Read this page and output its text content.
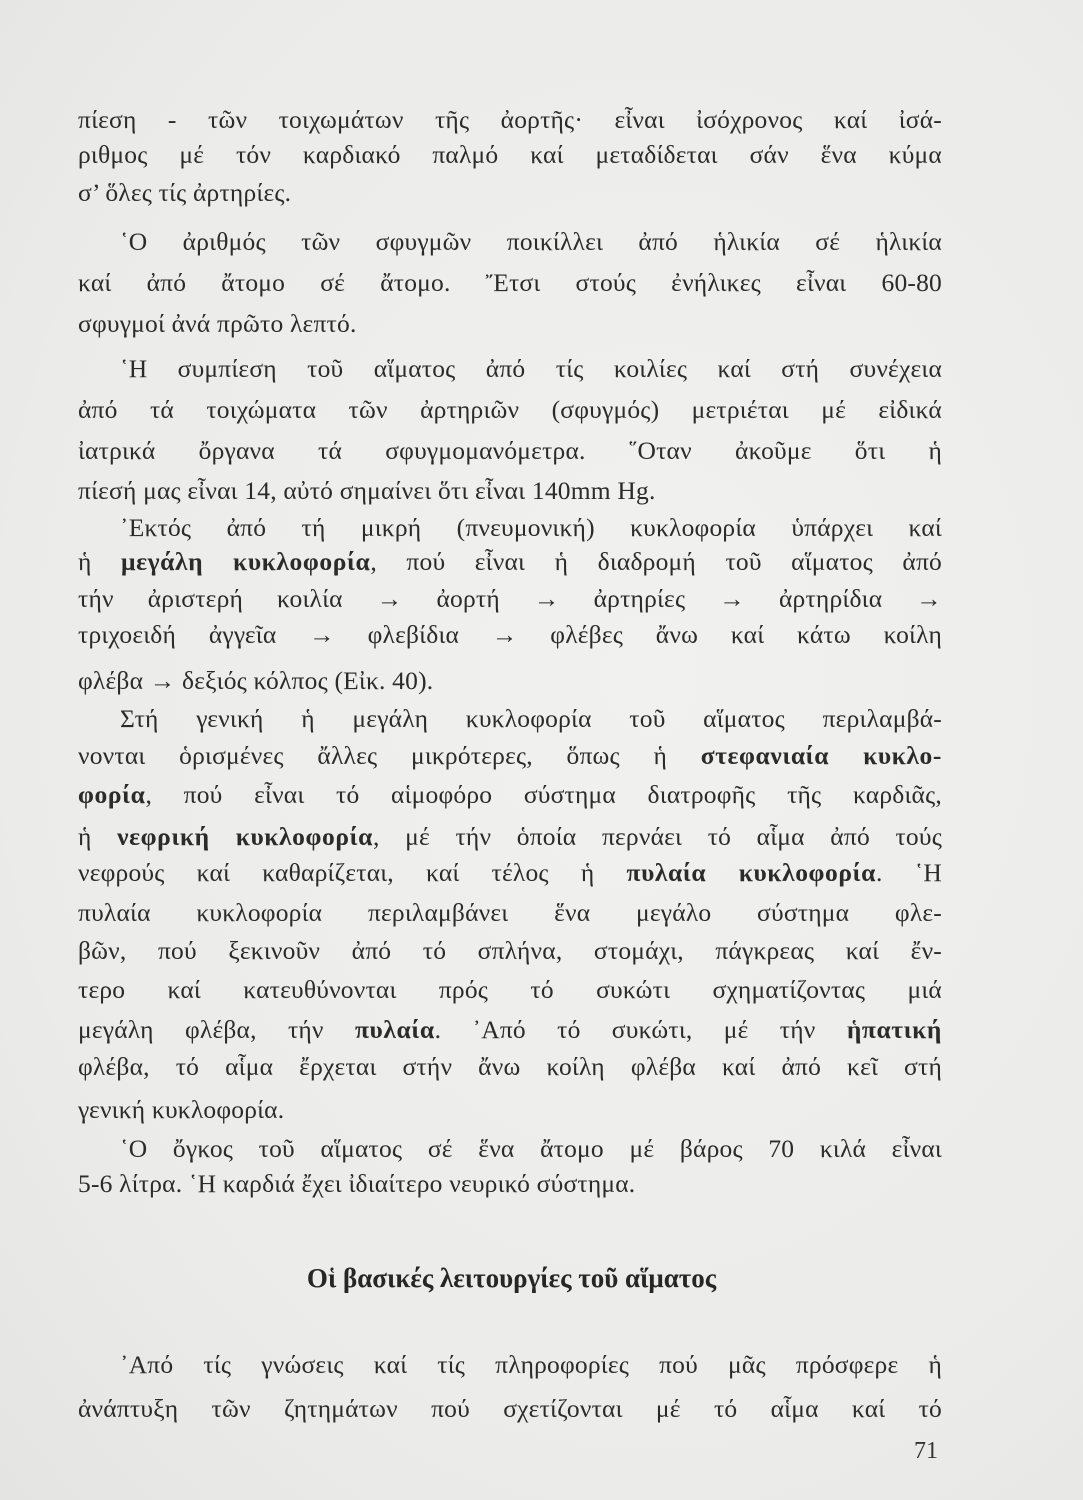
πίεση - τῶν τοιχωμάτων τῆς ἀορτῆς· εἶναι ἰσόχρονος καί ἰσά-
ριθμος μέ τόν καρδιακό παλμό καί μεταδίδεται σάν ἕνα κύμα
σ’ ὅλες τίς ἀρτηρίες.
῾Ο ἀριθμός τῶν σφυγμῶν ποικίλλει ἀπό ἡλικία σέ ἡλικία
καί ἀπό ἄτομο σέ ἄτομο. Ἔτσι στούς ἐνήλικες εἶναι 60-80
σφυγμοί ἀνά πρῶτο λεπτό.
῾Η συμπίεση τοῦ αἵματος ἀπό τίς κοιλίες καί στή συνέχεια
ἀπό τά τοιχώματα τῶν ἀρτηριῶν (σφυγμός) μετριέται μέ εἰδικά
ἰατρικά ὄργανα τά σφυγμομανόμετρα. ῞Οταν ἀκοῦμε ὅτι ἡ
πίεσή μας εἶναι 14, αὐτό σημαίνει ὅτι εἶναι 140mm Hg.
᾿Εκτός ἀπό τή μικρή (πνευμονική) κυκλοφορία ὑπάρχει καί
ἡ μεγάλη κυκλοφορία, πού εἶναι ἡ διαδρομή τοῦ αἵματος ἀπό
τήν ἀριστερή κοιλία → ἀορτή → ἀρτηρίες → ἀρτηρίδια →
τριχοειδή ἀγγεῖα → φλεβίδια → φλέβες ἄνω καί κάτω κοίλη
φλέβα → δεξιός κόλπος (Εἰκ. 40).
Στή γενική ἡ μεγάλη κυκλοφορία τοῦ αἵματος περιλαμβά-
νονται ὁρισμένες ἄλλες μικρότερες, ὅπως ἡ στεφανιαία κυκλο-
φορία, πού εἶναι τό αἱμοφόρο σύστημα διατροφῆς τῆς καρδιᾶς,
ἡ νεφρική κυκλοφορία, μέ τήν ὁποία περνάει τό αἷμα ἀπό τούς
νεφρούς καί καθαρίζεται, καί τέλος ἡ πυλαία κυκλοφορία. ῾Η
πυλαία κυκλοφορία περιλαμβάνει ἕνα μεγάλο σύστημα φλε-
βῶν, πού ξεκινοῦν ἀπό τό σπλήνα, στομάχι, πάγκρεας καί ἔν-
τερο καί κατευθύνονται πρός τό συκώτι σχηματίζοντας μιά
μεγάλη φλέβα, τήν πυλαία. ᾿Από τό συκώτι, μέ τήν ἡπατική
φλέβα, τό αἷμα ἔρχεται στήν ἄνω κοίλη φλέβα καί ἀπό κεῖ στή
γενική κυκλοφορία.
῾Ο ὄγκος τοῦ αἵματος σέ ἕνα ἄτομο μέ βάρος 70 κιλά εἶναι
5-6 λίτρα. ῾Η καρδιά ἔχει ἰδιαίτερο νευρικό σύστημα.
᾿Από τίς γνώσεις καί τίς πληροφορίες πού μᾶς πρόσφερε ἡ
ἀνάπτυξη τῶν ζητημάτων πού σχετίζονται μέ τό αἷμα καί τό
Οἱ βασικές λειτουργίες τοῦ αἵματος
71
